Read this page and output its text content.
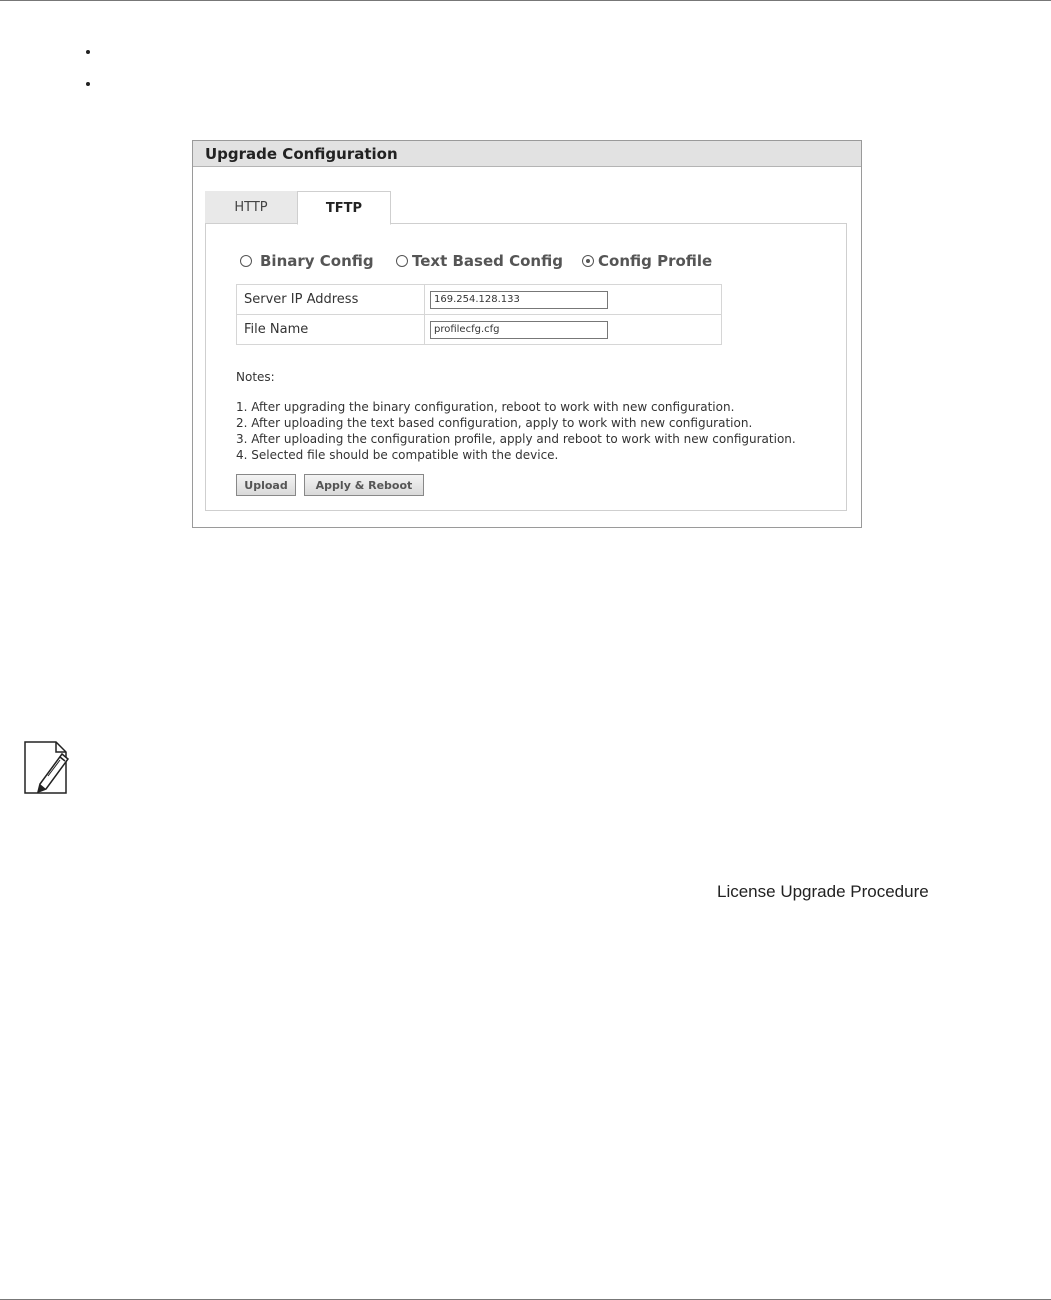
Upgrade Configuration
HTTP	TFTP
Binary Config	Text Based Config Config Profile
Server IP Address	169.254.128.133
File Name	profilecfg.cfg
Notes:
1. After upgrading the binary configuration, reboot to work with new configuration.
2. After uploading the text based configuration, apply to work with new configuration.
3. After uploading the configuration profile, apply and reboot to work with new configuration.
4. Selected file should be compatible with the device.
Upload	Apply & Reboot
License Upgrade Procedure
